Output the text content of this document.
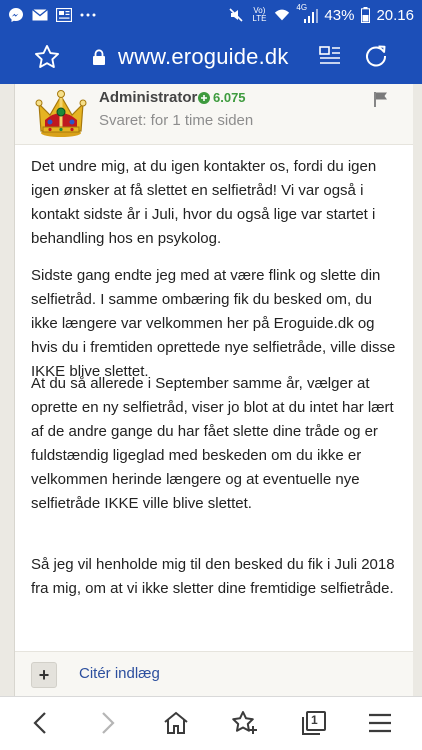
Vo)
LTE
4G 43% 20.16
www.eroguide.dk
Administrator 6.075
Svaret: for 1 time siden

Det undre mig, at du igen kontakter os, fordi du igen igen ønsker at få slettet en selfietråd! Vi var også i kontakt sidste år i Juli, hvor du også lige var startet i behandling hos en psykolog.

Sidste gang endte jeg med at være flink og slette din selfietråd. I samme ombæring fik du besked om, du ikke længere var velkommen her på Eroguide.dk og hvis du i fremtiden oprettede nye selfietråde, ville disse IKKE blive slettet.

At du så allerede i September samme år, vælger at oprette en ny selfietråd, viser jo blot at du intet har lært af de andre gange du har fået slette dine tråde og er fuldstændig ligeglad med beskeden om du ikke er velkommen herinde længere og at eventuelle nye selfietråde IKKE ville blive slettet.

Så jeg vil henholde mig til den besked du fik i Juli 2018 fra mig, om at vi ikke sletter dine fremtidige selfietråde.

+	Citér indlæg
1
